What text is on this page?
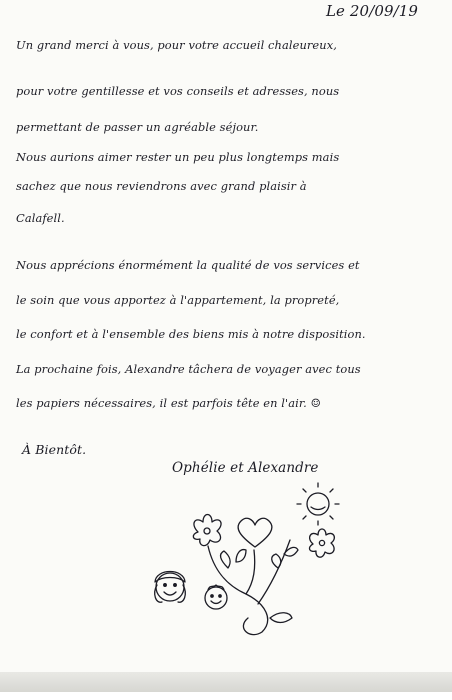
Le 20/09/19
Un grand merci à vous, pour votre accueil chaleureux,
pour votre gentillesse et vos conseils et adresses, nous
permettant de passer un agréable séjour.
Nous aurions aimer rester un peu plus longtemps mais
sachez que nous reviendrons avec grand plaisir à
Calafell.
Nous apprécions énormément la qualité de vos services et
le soin que vous apportez à l'appartement, la propreté,
le confort et à l'ensemble des biens mis à notre disposition.
La prochaine fois, Alexandre tâchera de voyager avec tous
les papiers nécessaires, il est parfois tête en l'air. ☺
À Bientôt.
Ophélie et Alexandre
